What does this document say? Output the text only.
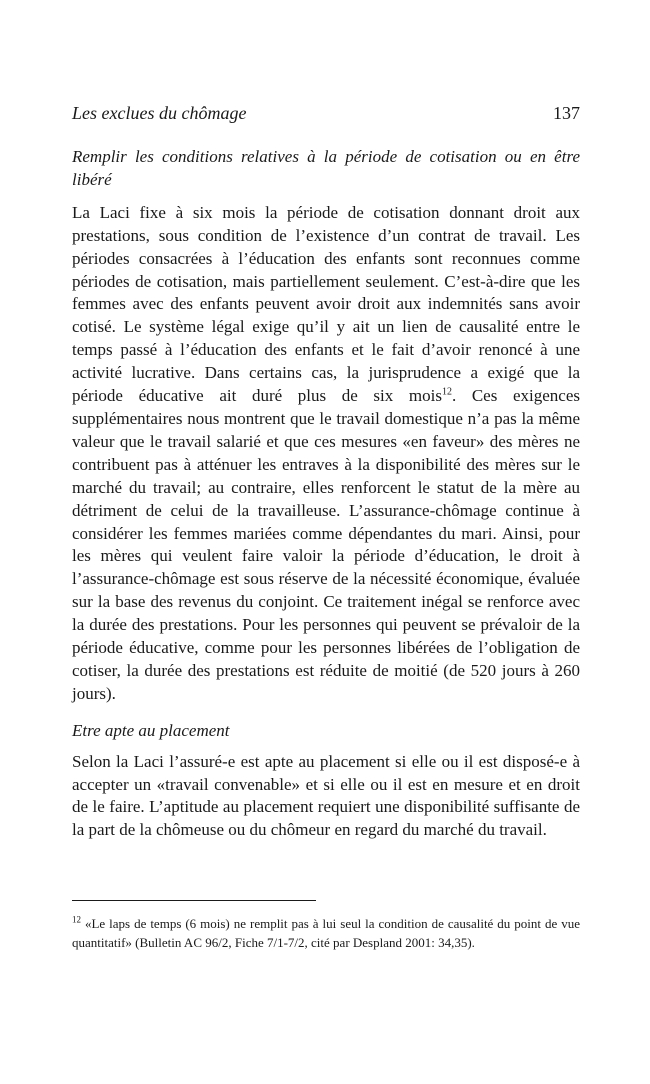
Les exclues du chômage	137

Remplir les conditions relatives à la période de cotisation ou en être libéré

La Laci fixe à six mois la période de cotisation donnant droit aux prestations, sous condition de l’existence d’un contrat de travail. Les périodes consacrées à l’éducation des enfants sont reconnues comme périodes de cotisation, mais partiellement seulement. C’est-à-dire que les femmes avec des enfants peuvent avoir droit aux indemnités sans avoir cotisé. Le système légal exige qu’il y ait un lien de causalité entre le temps passé à l’éducation des enfants et le fait d’avoir renoncé à une activité lucrative. Dans certains cas, la jurisprudence a exigé que la période éducative ait duré plus de six mois$^{12}$. Ces exigences supplémentaires nous montrent que le travail domestique n’a pas la même valeur que le travail salarié et que ces mesures «en faveur» des mères ne contribuent pas à atténuer les entraves à la disponibilité des mères sur le marché du travail; au contraire, elles renforcent le statut de la mère au détriment de celui de la travailleuse. L’assurance-chômage continue à considérer les femmes mariées comme dépendantes du mari. Ainsi, pour les mères qui veulent faire valoir la période d’éducation, le droit à l’assurance-chômage est sous réserve de la nécessité économique, évaluée sur la base des revenus du conjoint. Ce traitement inégal se renforce avec la durée des prestations. Pour les personnes qui peuvent se prévaloir de la période éducative, comme pour les personnes libérées de l’obligation de cotiser, la durée des prestations est réduite de moitié (de 520 jours à 260 jours).

Etre apte au placement

Selon la Laci l’assuré-e est apte au placement si elle ou il est disposé-e à accepter un «travail convenable» et si elle ou il est en mesure et en droit de le faire. L’aptitude au placement requiert une disponibilité suffisante de la part de la chômeuse ou du chômeur en regard du marché du travail.

$^{12}$ «Le laps de temps (6 mois) ne remplit pas à lui seul la condition de causalité du point de vue quantitatif» (Bulletin AC 96/2, Fiche 7/1-7/2, cité par Despland 2001: 34,35).
